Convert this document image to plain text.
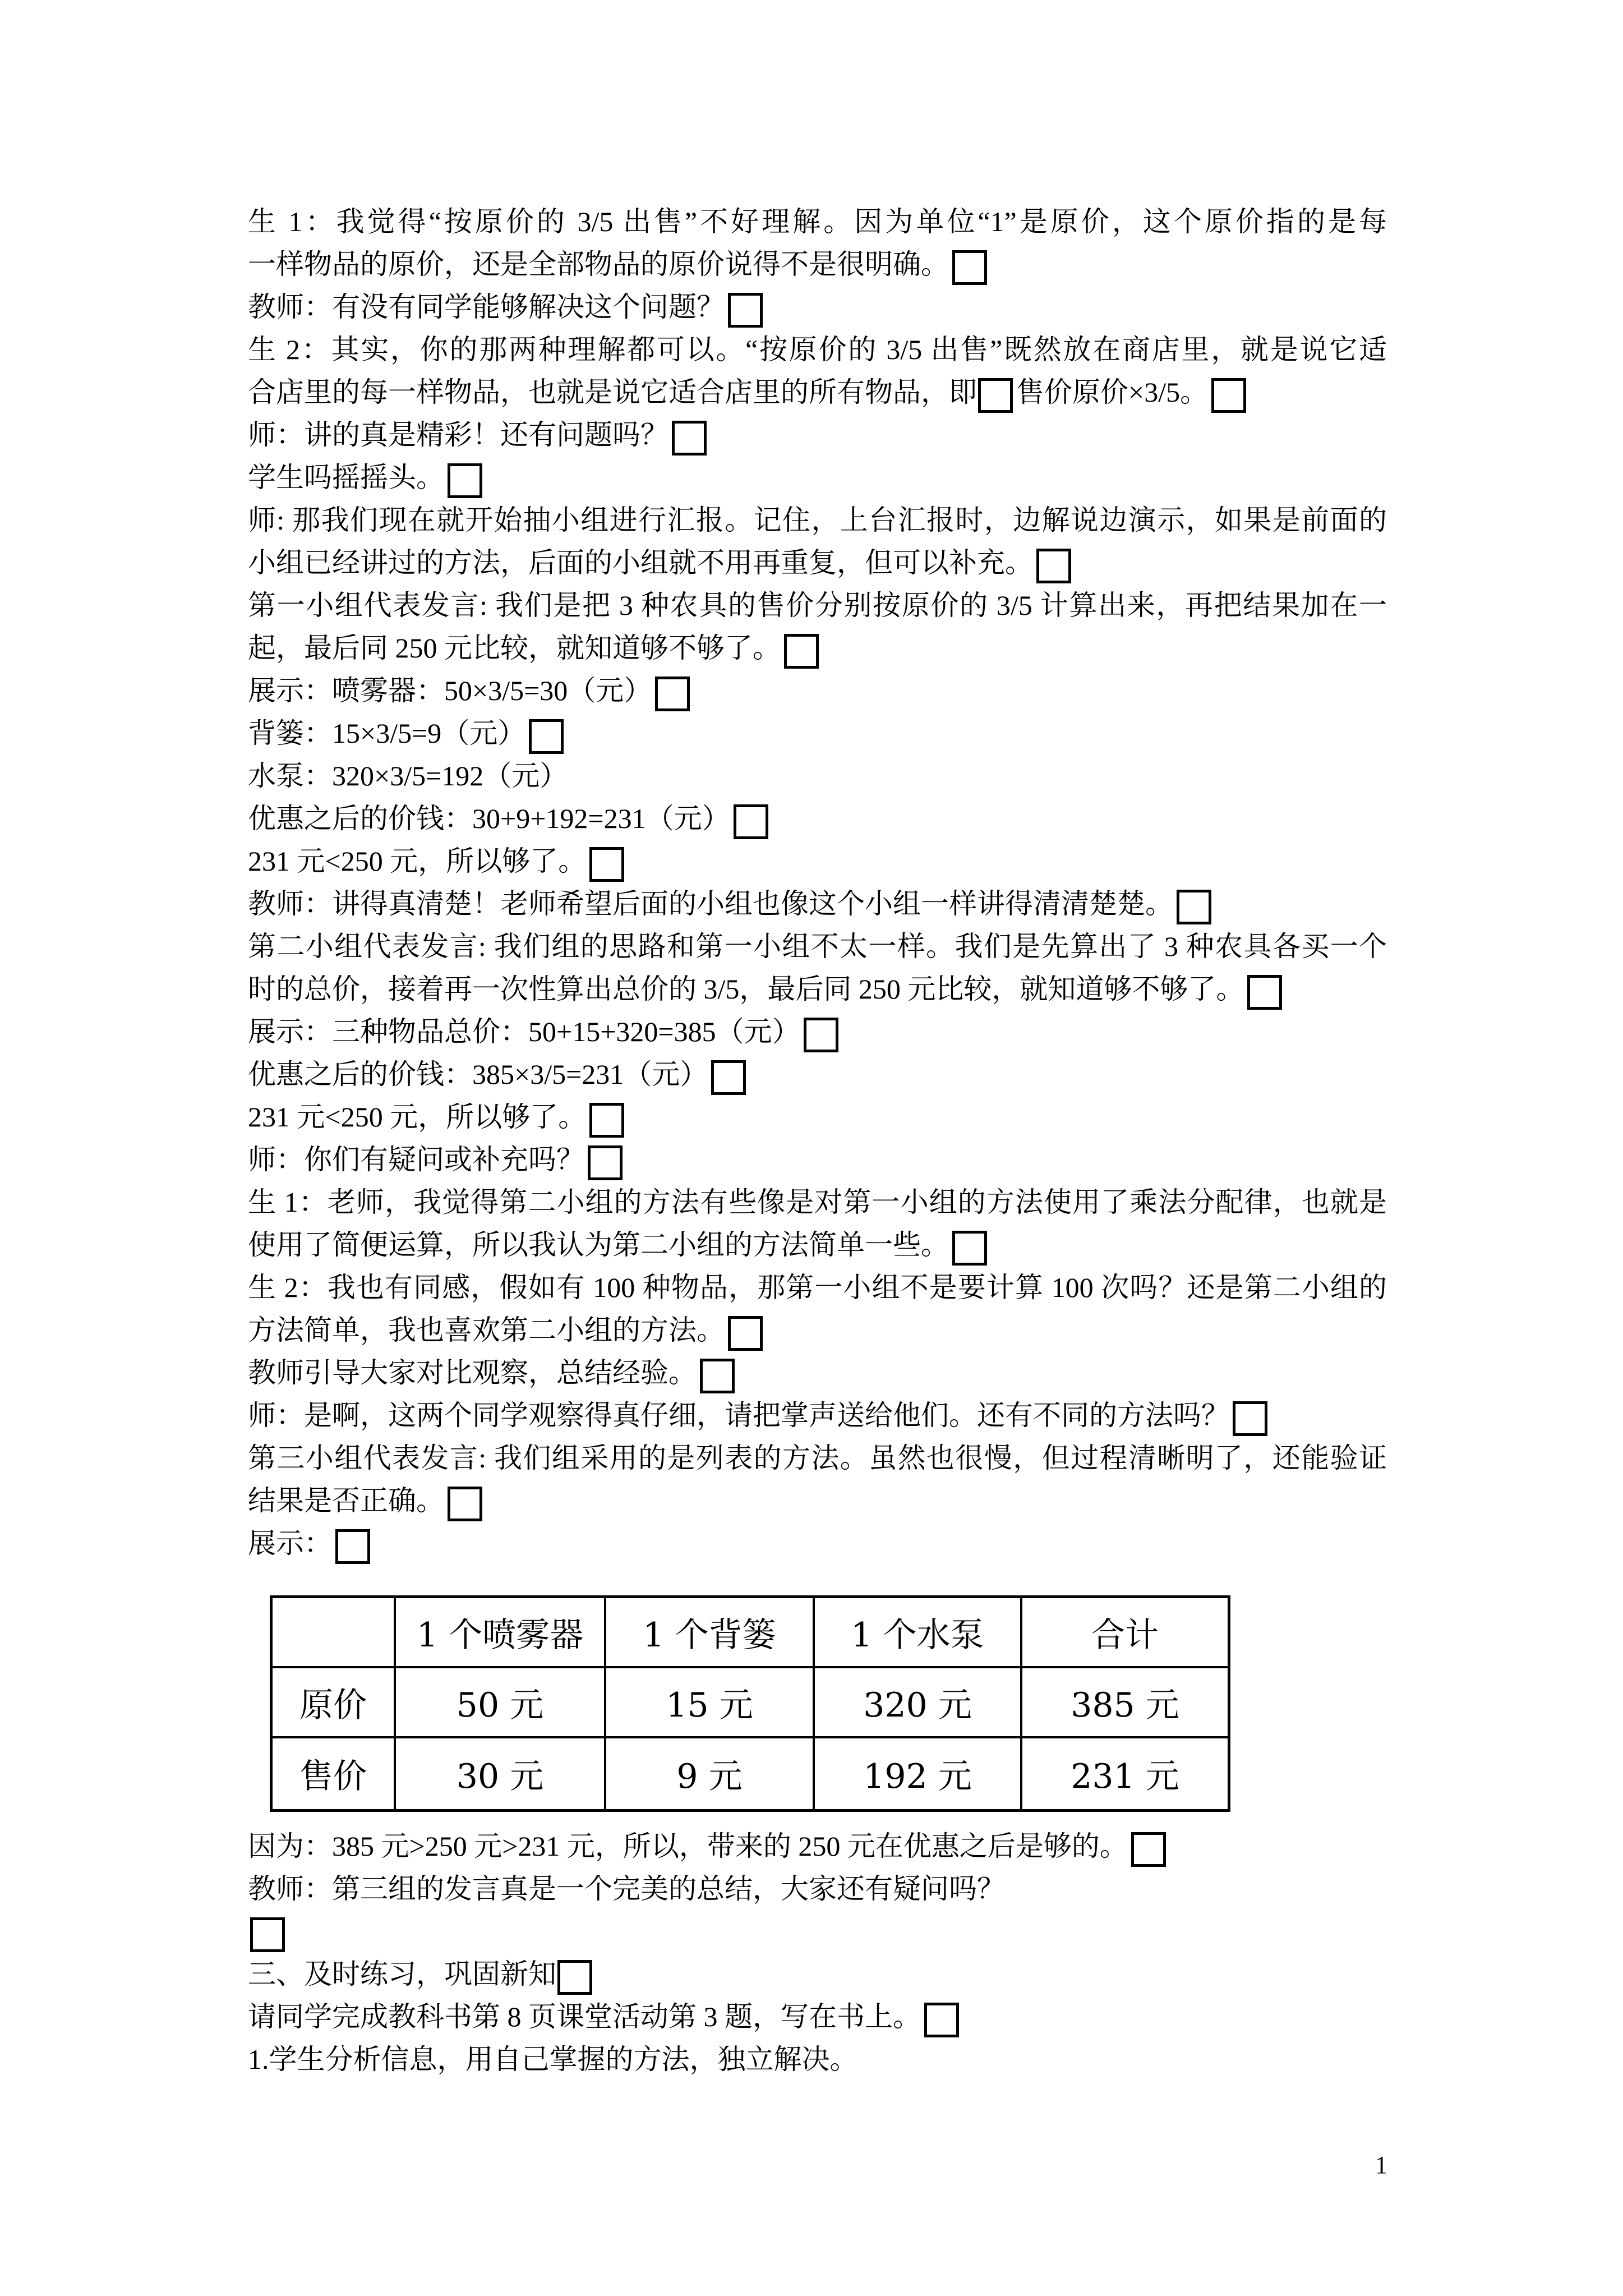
生 1：我觉得“按原价的 3/5 出售”不好理解。因为单位“1”是原价，这个原价指的是每
一样物品的原价，还是全部物品的原价说得不是很明确。
教师：有没有同学能够解决这个问题？
生 2：其实，你的那两种理解都可以。“按原价的 3/5 出售”既然放在商店里，就是说它适
合店里的每一样物品，也就是说它适合店里的所有物品，即 售价原价×3/5。
师：讲的真是精彩！还有问题吗？
学生吗摇摇头。
师: 那我们现在就开始抽小组进行汇报。记住，上台汇报时，边解说边演示，如果是前面的
小组已经讲过的方法，后面的小组就不用再重复，但可以补充。
第一小组代表发言: 我们是把 3 种农具的售价分别按原价的 3/5 计算出来，再把结果加在一
起，最后同 250 元比较，就知道够不够了。
展示：喷雾器：50×3/5=30（元）
背篓：15×3/5=9（元）
水泵：320×3/5=192（元）
优惠之后的价钱：30+9+192=231（元）
231 元<250 元，所以够了。
教师：讲得真清楚！老师希望后面的小组也像这个小组一样讲得清清楚楚。
第二小组代表发言: 我们组的思路和第一小组不太一样。我们是先算出了 3 种农具各买一个
时的总价，接着再一次性算出总价的 3/5，最后同 250 元比较，就知道够不够了。
展示：三种物品总价：50+15+320=385（元）
优惠之后的价钱：385×3/5=231（元）
231 元<250 元，所以够了。
师：你们有疑问或补充吗？
生 1：老师，我觉得第二小组的方法有些像是对第一小组的方法使用了乘法分配律，也就是
使用了简便运算，所以我认为第二小组的方法简单一些。
生 2：我也有同感，假如有 100 种物品，那第一小组不是要计算 100 次吗？还是第二小组的
方法简单，我也喜欢第二小组的方法。
教师引导大家对比观察，总结经验。
师：是啊，这两个同学观察得真仔细，请把掌声送给他们。还有不同的方法吗？
第三小组代表发言: 我们组采用的是列表的方法。虽然也很慢，但过程清晰明了，还能验证
结果是否正确。
展示：
	1 个喷雾器	1 个背篓	1 个水泵	合计
原价	50 元	15 元	320 元	385 元
售价	30 元	9 元	192 元	231 元
因为：385 元>250 元>231 元，所以，带来的 250 元在优惠之后是够的。
教师：第三组的发言真是一个完美的总结，大家还有疑问吗？
三、及时练习，巩固新知
请同学完成教科书第 8 页课堂活动第 3 题，写在书上。
1.学生分析信息，用自己掌握的方法，独立解决。
1
